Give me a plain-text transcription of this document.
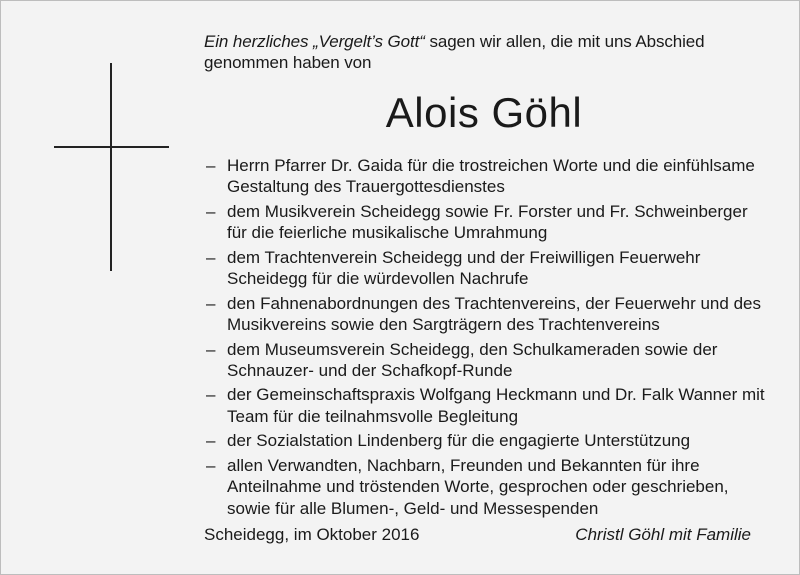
Ein herzliches „Vergelt’s Gott“ sagen wir allen, die mit uns Abschied genommen haben von
Alois Göhl
– Herrn Pfarrer Dr. Gaida für die trostreichen Worte und die einfühlsame Gestaltung des Trauergottesdienstes
– dem Musikverein Scheidegg sowie Fr. Forster und Fr. Schweinberger für die feierliche musikalische Umrahmung
– dem Trachtenverein Scheidegg und der Freiwilligen Feuerwehr Scheidegg für die würdevollen Nachrufe
– den Fahnenabordnungen des Trachtenvereins, der Feuerwehr und des Musikvereins sowie den Sargträgern des Trachtenvereins
– dem Museumsverein Scheidegg, den Schulkameraden sowie der Schnauzer- und der Schafkopf-Runde
– der Gemeinschaftspraxis Wolfgang Heckmann und Dr. Falk Wanner mit Team für die teilnahmsvolle Begleitung
– der Sozialstation Lindenberg für die engagierte Unterstützung
– allen Verwandten, Nachbarn, Freunden und Bekannten für ihre Anteilnahme und tröstenden Worte, gesprochen oder geschrieben, sowie für alle Blumen-, Geld- und Messespenden
Scheidegg, im Oktober 2016	Christl Göhl mit Familie
